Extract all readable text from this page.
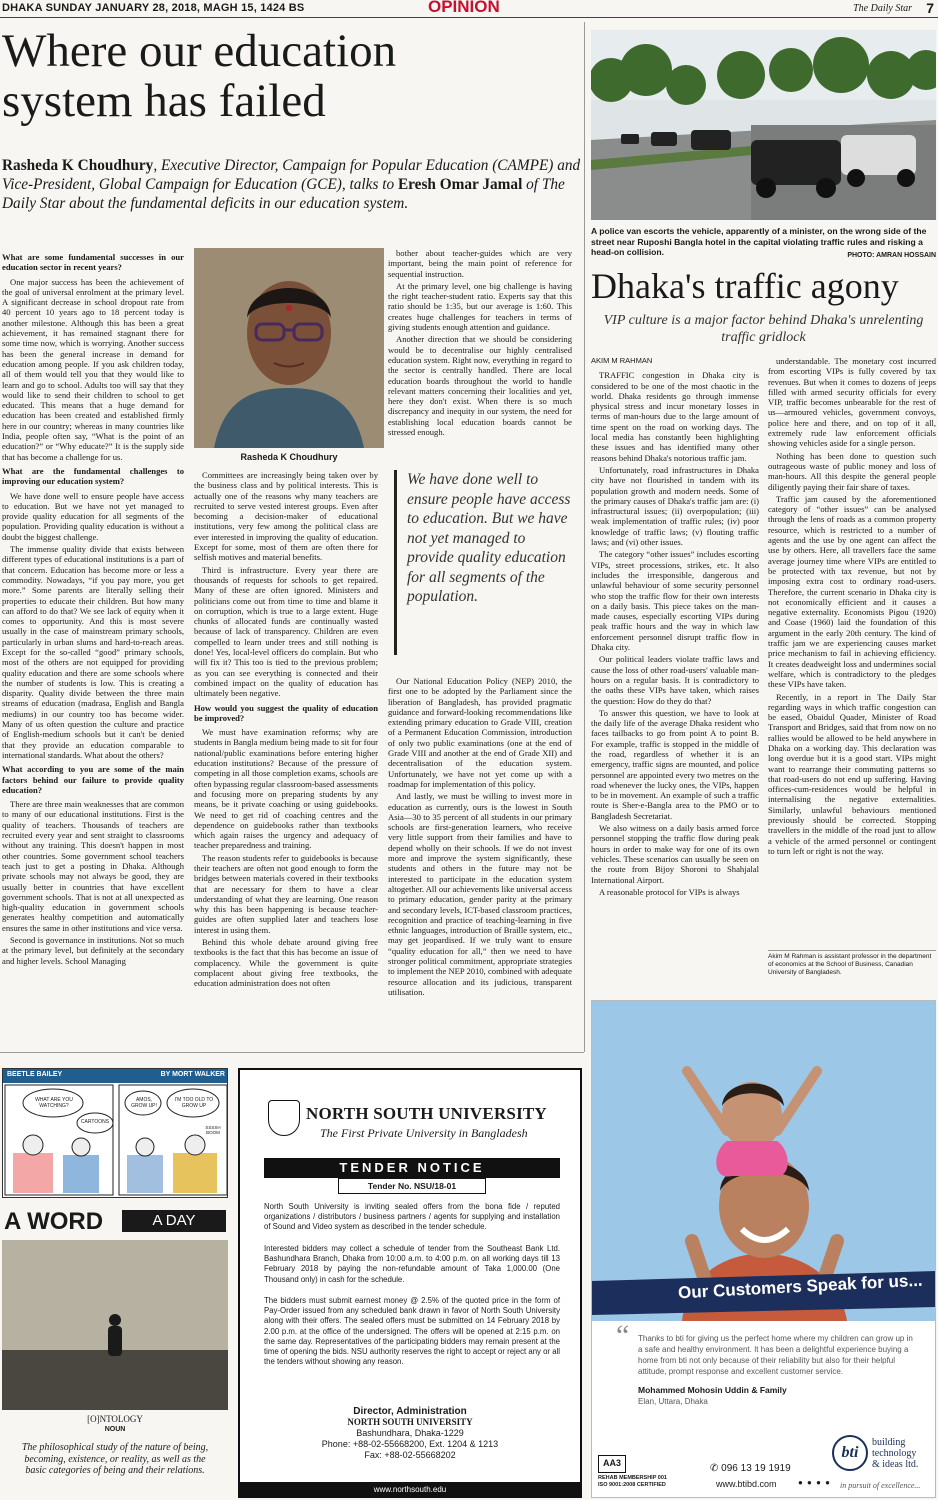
DHAKA SUNDAY JANUARY 28, 2018, MAGH 15, 1424 BS	OPINION	The Daily Star 7
Where our education
system has failed
Rasheda K Choudhury, Executive Director, Campaign for Popular Education (CAMPE) and Vice-President, Global Campaign for Education (GCE), talks to Eresh Omar Jamal of The Daily Star about the fundamental deficits in our education system.

What are some fundamental successes in our education sector in recent years?

One major success has been the achievement of the goal of universal enrolment at the primary level. A significant decrease in school dropout rate from 40 percent 10 years ago to 18 percent today is another milestone. Although this has been a great achievement, it has remained stagnant there for some time now, which is worrying. Another success has been the general increase in demand for education among people. If you ask children today, all of them would tell you that they would like to learn and go to school. Adults too will say that they would like to send their children to school to get educated. This means that a huge demand for education has been created and established firmly here in our country; whereas in many countries like India, people often say, “What is the point of an education?” or “Why educate?” It is the supply side that has become a challenge for us.

What are the fundamental challenges to improving our education system?

We have done well to ensure people have access to education. But we have not yet managed to provide quality education for all segments of the population. Providing quality education is without a doubt the biggest challenge.

The immense quality divide that exists between different types of educational institutions is a part of that concern. Education has become more or less a commodity. Nowadays, “if you pay more, you get more.” Some parents are literally selling their properties to educate their children. But how many can afford to do that? We see lack of equity when it comes to opportunity. And this is most severe usually in the case of mainstream primary schools, particularly in urban slums and hard-to-reach areas. Except for the so-called “good” primary schools, most of the others are not equipped for providing quality education and there are some schools where the number of students is low. This is creating a disparity. Quality divide between the three main streams of education (madrasa, English and Bangla mediums) in our country too has become wider. Many of us often question the culture and practice of English-medium schools but it can't be denied that they provide an education comparable to international standards. What about the others?

What according to you are some of the main factors behind our failure to provide quality education?

There are three main weaknesses that are common to many of our educational institutions. First is the quality of teachers. Thousands of teachers are recruited every year and sent straight to classrooms without any training. This doesn't happen in most other countries. Some government school teachers teach just to get a posting in Dhaka. Although private schools may not always be good, they are usually better in countries that have excellent government schools. That is not at all unexpected as high-quality education in government schools generates healthy competition and automatically ensures the same in other institutions and vice versa.

Second is governance in institutions. Not so much at the primary level, but definitely at the secondary and higher levels. School Managing

Committees are increasingly being taken over by the business class and by political interests. This is actually one of the reasons why many teachers are recruited to serve vested interest groups. Even after becoming a decision-maker of educational institutions, very few among the political class are ever interested in improving the quality of education. Except for some, most of them are often there for selfish motives and material benefits.

Third is infrastructure. Every year there are thousands of requests for schools to get repaired. Many of these are often ignored. Ministers and politicians come out from time to time and blame it on corruption, which is true to a large extent. Huge chunks of allocated funds are continually wasted because of lack of transparency. Children are even compelled to learn under trees and still nothing is done! Yes, local-level officers do complain. But who will fix it? This too is tied to the previous problem; as you can see everything is connected and their combined impact on the quality of education has ultimately been negative.

How would you suggest the quality of education be improved?

We must have examination reforms; why are students in Bangla medium being made to sit for four national/public examinations before entering higher education institutions? Because of the pressure of competing in all those completion exams, schools are often bypassing regular classroom-based assessments and focusing more on preparing students by any means, be it private coaching or using guidebooks. We need to get rid of coaching centres and the dependence on guidebooks rather than textbooks which again raises the urgency and adequacy of teacher preparedness and training.

The reason students refer to guidebooks is because their teachers are often not good enough to form the bridges between materials covered in their textbooks that are necessary for them to have a clear understanding of what they are learning. One reason why this has been happening is because teacher-guides are often supplied later and teachers lose interest in using them.

Behind this whole debate around giving free textbooks is the fact that this has become an issue of complacency. While the government is quite complacent about giving free textbooks, the education administration does not often

bother about teacher-guides which are very important, being the main point of reference for sequential instruction.

At the primary level, one big challenge is having the right teacher-student ratio. Experts say that this ratio should be 1:35, but our average is 1:60. This creates huge challenges for teachers in terms of giving students enough attention and guidance.

Another direction that we should be considering would be to decentralise our highly centralised education system. Right now, everything in regard to the sector is centrally handled. There are local education boards throughout the world to handle relevant matters concerning their localities and yet, here they don't exist. When there is so much discrepancy and inequity in our system, the need for establishing local education boards cannot be stressed enough.

Our National Education Policy (NEP) 2010, the first one to be adopted by the Parliament since the liberation of Bangladesh, has provided pragmatic guidance and forward-looking recommendations like extending primary education to Grade VIII, creation of a Permanent Education Commission, introduction of only two public examinations (one at the end of Grade VIII and another at the end of Grade XII) and decentralisation of the education system. Unfortunately, we have not yet come up with a roadmap for implementation of this policy.

And lastly, we must be willing to invest more in education as currently, ours is the lowest in South Asia—30 to 35 percent of all students in our primary schools are first-generation learners, who receive very little support from their families and have to depend wholly on their schools. If we do not invest more and improve the system significantly, these students and others in the future may not be interested to participate in the education system altogether. All our achievements like universal access to primary education, gender parity at the primary and secondary levels, ICT-based classroom practices, recognition and practice of teaching-learning in five ethnic languages, introduction of Braille system, etc., may get jeopardised. If we truly want to ensure “quality education for all,” then we need to have stronger political commitment, appropriate strategies to implement the NEP 2010, combined with adequate resource allocation and its judicious, transparent utilisation.

Rasheda K Choudhury
We have done well to ensure people have access to education. But we have not yet managed to provide quality education for all segments of the population.
A police van escorts the vehicle, apparently of a minister, on the wrong side of the street near Ruposhi Bangla hotel in the capital violating traffic rules and risking a head-on collision.	PHOTO: AMRAN HOSSAIN
Dhaka's traffic agony
VIP culture is a major factor behind Dhaka's unrelenting traffic gridlock

AKIM M RAHMAN

TRAFFIC congestion in Dhaka city is considered to be one of the most chaotic in the world. Dhaka residents go through immense physical stress and incur monetary losses in terms of man-hours due to the large amount of time spent on the road on working days. The local media has constantly been highlighting these issues and has identified many other reasons behind Dhaka's notorious traffic jam.

Unfortunately, road infrastructures in Dhaka city have not flourished in tandem with its population growth and modern needs. Some of the primary causes of Dhaka's traffic jam are: (i) infrastructural issues; (ii) overpopulation; (iii) weak implementation of traffic rules; (iv) poor knowledge of traffic laws; (v) flouting traffic laws; and (vi) other issues.

The category “other issues” includes escorting VIPs, street processions, strikes, etc. It also includes the irresponsible, dangerous and unlawful behaviour of some security personnel who stop the traffic flow for their own interests on a daily basis. This piece takes on the man-made causes, especially escorting VIPs during peak traffic hours and the way in which law enforcement personnel disrupt traffic flow in Dhaka city.

Our political leaders violate traffic laws and cause the loss of other road-users' valuable man-hours on a regular basis. It is contradictory to the oaths these VIPs have taken, which raises the question: How do they do that?

To answer this question, we have to look at the daily life of the average Dhaka resident who faces tailbacks to go from point A to point B. For example, traffic is stopped in the middle of the road, regardless of whether it is an emergency, traffic signs are mounted, and police personnel are appointed every two metres on the road whenever the lucky ones, the VIPs, happen to be in movement. An example of such a traffic route is Sher-e-Bangla area to the PMO or to Bangladesh Secretariat.

We also witness on a daily basis armed force personnel stopping the traffic flow during peak hours in order to make way for one of its own vehicles. These scenarios can usually be seen on the route from Bijoy Shoroni to Shahjalal International Airport.

A reasonable protocol for VIPs is always

understandable. The monetary cost incurred from escorting VIPs is fully covered by tax revenues. But when it comes to dozens of jeeps filled with armed security officials for every VIP, traffic becomes unbearable for the rest of us—armoured vehicles, government convoys, police here and there, and on top of it all, extremely rude law enforcement officials showing vehicles aside for a single person.

Nothing has been done to question such outrageous waste of public money and loss of man-hours. All this despite the general people diligently paying their fair share of taxes.

Traffic jam caused by the aforementioned category of “other issues” can be analysed through the lens of roads as a common property resource, which is restricted to a number of agents and the use by one agent can affect the use by others. Here, all travellers face the same average journey time where VIPs are entitled to be protected with tax revenue, but not by imposing extra cost to ordinary road-users. Therefore, the current scenario in Dhaka city is not economically efficient and it causes a negative externality. Economists Pigou (1920) and Coase (1960) laid the foundation of this argument in the early 20th century. The kind of traffic jam we are experiencing causes market price mechanism to fail in achieving efficiency. It creates deadweight loss and undermines social welfare, which is contradictory to the pledges these VIPs have taken.

Recently, in a report in The Daily Star regarding ways in which traffic congestion can be eased, Obaidul Quader, Minister of Road Transport and Bridges, said that from now on no rallies would be allowed to be held anywhere in Dhaka on a working day. This declaration was long overdue but it is a good start. VIPs might want to rearrange their commuting patterns so that road-users do not end up suffering. Having offices-cum-residences would be helpful in internalising the negative externalities. Similarly, unlawful behaviours mentioned previously should be corrected. Stopping travellers in the middle of the road just to allow a vehicle of the armed personnel or contingent to turn left or right is not the way.

Akim M Rahman is assistant professor in the department of economics at the School of Business, Canadian University of Bangladesh.
BEETLE BAILEY	BY MORT WALKER
WHAT ARE YOU WATCHING?
CARTOONS
AMOS, GROW UP!
I'M TOO OLD TO GROW UP
SSSSH BOOM
A WORD	A DAY
[O]NTOLOGY
NOUN
The philosophical study of the nature of being, becoming, existence, or reality, as well as the basic categories of being and their relations.
NORTH SOUTH UNIVERSITY
The First Private University in Bangladesh
TENDER NOTICE
Tender No. NSU/18-01
North South University is inviting sealed offers from the bona fide / reputed organizations / distributors / business partners / agents for supplying and installation of Sound and Video system as described in the tender schedule.
Interested bidders may collect a schedule of tender from the Southeast Bank Ltd. Bashundhara Branch, Dhaka from 10:00 a.m. to 4:00 p.m. on all working days till 13 February 2018 by paying the non-refundable amount of Taka 1,000.00 (One Thousand only) in cash for the schedule.
The bidders must submit earnest money @ 2.5% of the quoted price in the form of Pay-Order issued from any scheduled bank drawn in favor of North South University along with their offers. The sealed offers must be submitted on 14 February 2018 by 2.00 p.m. at the office of the undersigned. The offers will be opened at 2:15 p.m. on the same day. Representatives of the participating bidders may remain present at the time of opening the bids. NSU authority reserves the right to accept or reject any or all the tenders without showing any reason.
Director, Administration
NORTH SOUTH UNIVERSITY
Bashundhara, Dhaka-1229
Phone: +88-02-55668200, Ext. 1204 & 1213
Fax: +88-02-55668202
www.northsouth.edu
Our Customers Speak for us...
“ Thanks to bti for giving us the perfect home where my children can grow up in a safe and healthy environment. It has been a delightful experience buying a home from bti not only because of their reliability but also for their helpful attitude, prompt response and excellent customer service.
Mohammed Mohosin Uddin & Family
Elan, Uttara, Dhaka
AA3
REHAB MEMBERSHIP 001
ISO 9001:2008 CERTIFIED
✆ 096 13 19 1919
www.btibd.com	● ● ● ●
bti
building
technology
& ideas ltd.
in pursuit of excellence...
